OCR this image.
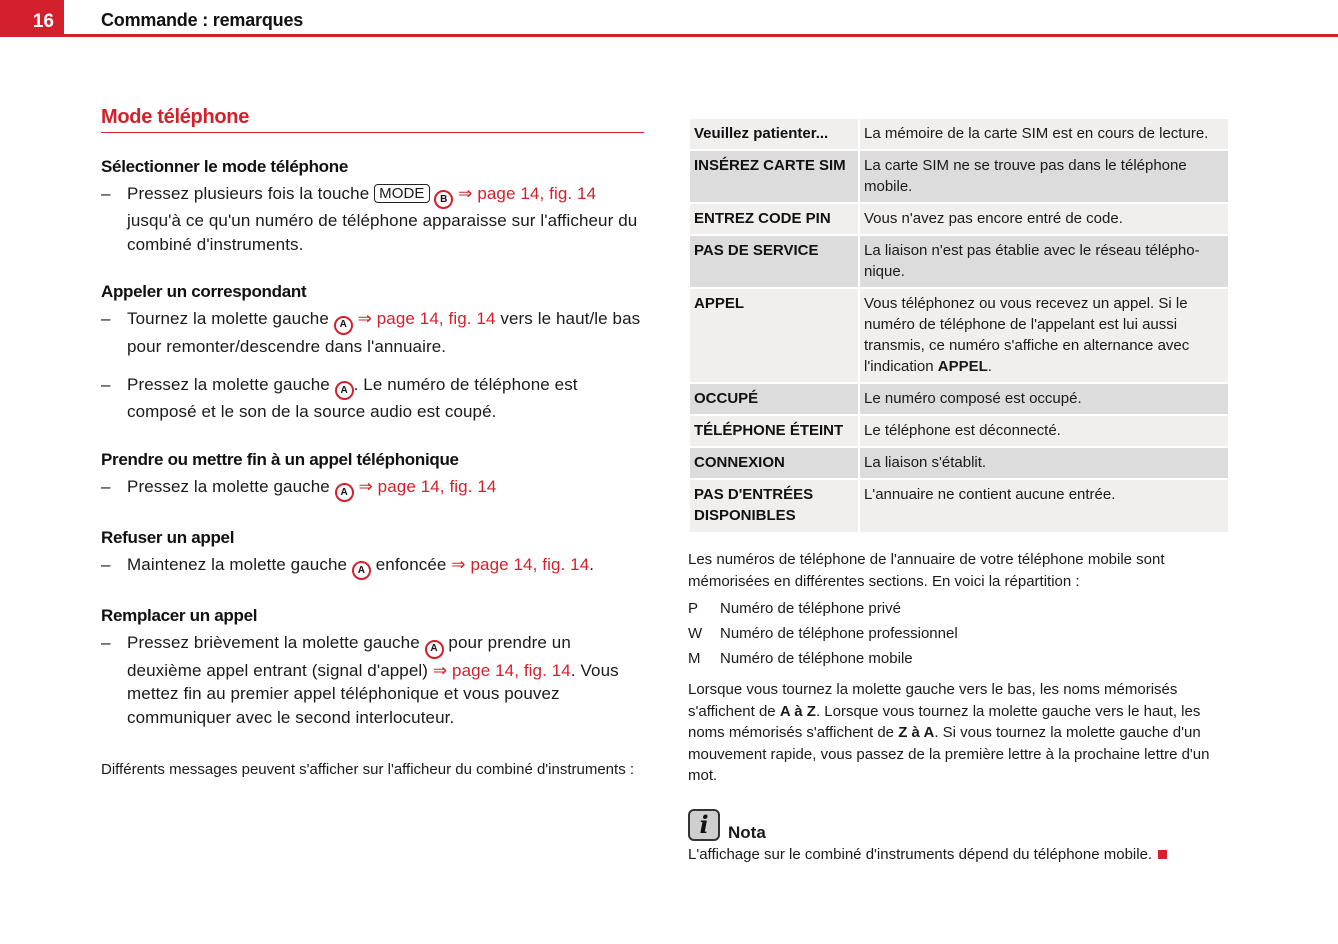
16	Commande : remarques
Mode téléphone
Sélectionner le mode téléphone
– Pressez plusieurs fois la touche MODE B ⇒ page 14, fig. 14 jusqu'à ce qu'un numéro de téléphone apparaisse sur l'afficheur du combiné d'instruments.
Appeler un correspondant
– Tournez la molette gauche A ⇒ page 14, fig. 14 vers le haut/le bas pour remonter/descendre dans l'annuaire.
– Pressez la molette gauche A . Le numéro de téléphone est composé et le son de la source audio est coupé.
Prendre ou mettre fin à un appel téléphonique
– Pressez la molette gauche A ⇒ page 14, fig. 14
Refuser un appel
– Maintenez la molette gauche A enfoncée ⇒ page 14, fig. 14.
Remplacer un appel
– Pressez brièvement la molette gauche A pour prendre un deuxième appel entrant (signal d'appel) ⇒ page 14, fig. 14. Vous mettez fin au premier appel téléphonique et vous pouvez communiquer avec le second interlocuteur.
Différents messages peuvent s'afficher sur l'afficheur du combiné d'instruments :
Veuillez patienter...	La mémoire de la carte SIM est en cours de lecture.
INSÉREZ CARTE SIM	La carte SIM ne se trouve pas dans le téléphone mobile.
ENTREZ CODE PIN	Vous n'avez pas encore entré de code.
PAS DE SERVICE	La liaison n'est pas établie avec le réseau télépho-nique.
APPEL	Vous téléphonez ou vous recevez un appel. Si le numéro de téléphone de l'appelant est lui aussi transmis, ce numéro s'affiche en alternance avec l'indication APPEL.
OCCUPÉ	Le numéro composé est occupé.
TÉLÉPHONE ÉTEINT	Le téléphone est déconnecté.
CONNEXION	La liaison s'établit.
PAS D'ENTRÉES DISPONIBLES	L'annuaire ne contient aucune entrée.
Les numéros de téléphone de l'annuaire de votre téléphone mobile sont mémorisées en différentes sections. En voici la répartition :
P	Numéro de téléphone privé
W	Numéro de téléphone professionnel
M	Numéro de téléphone mobile
Lorsque vous tournez la molette gauche vers le bas, les noms mémorisés s'affichent de A à Z. Lorsque vous tournez la molette gauche vers le haut, les noms mémorisés s'affichent de Z à A. Si vous tournez la molette gauche d'un mouvement rapide, vous passez de la première lettre à la prochaine lettre d'un mot.
i	Nota
L'affichage sur le combiné d'instruments dépend du téléphone mobile.
